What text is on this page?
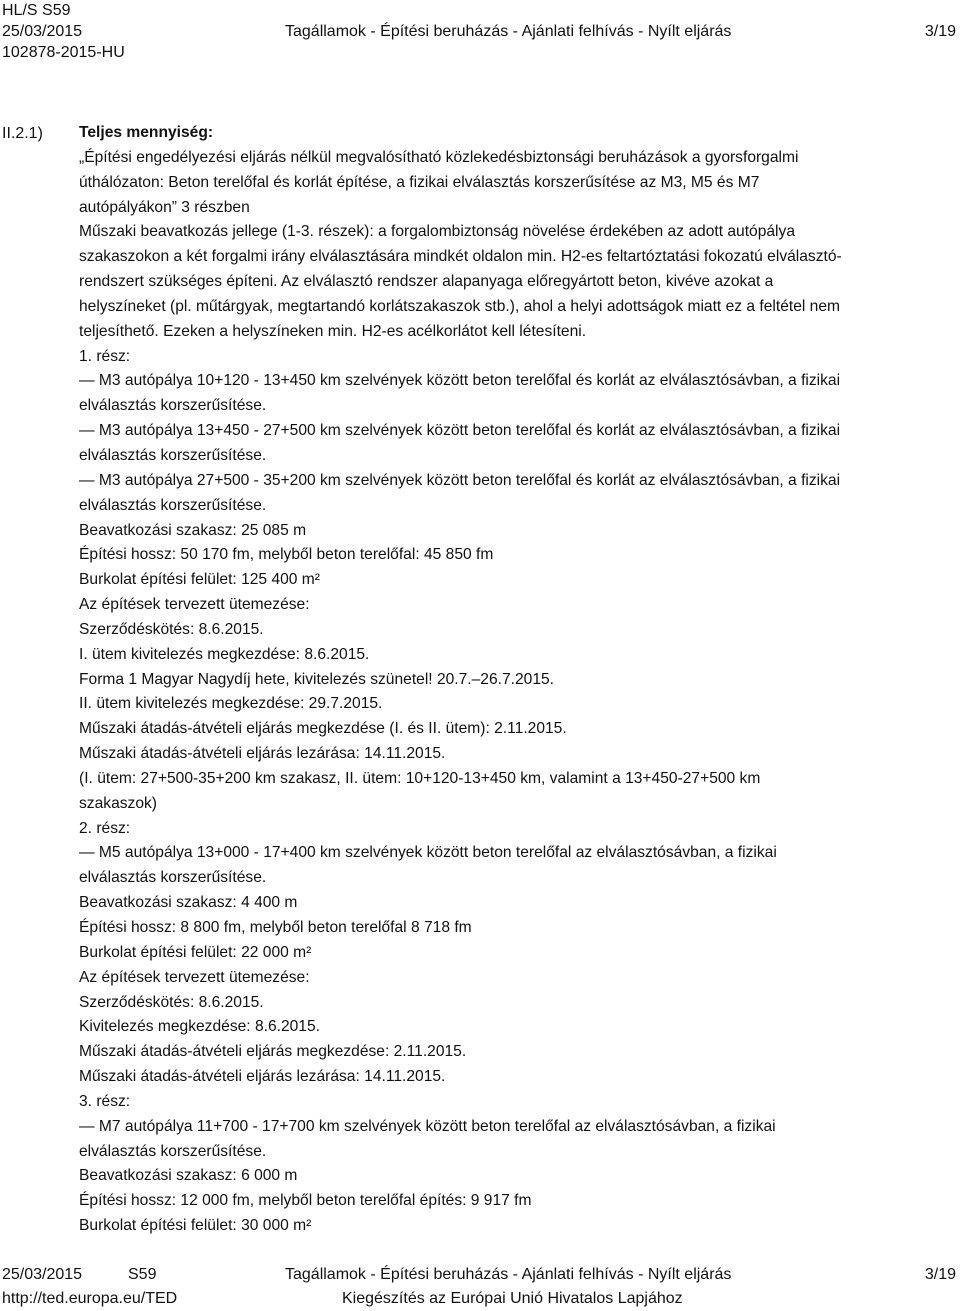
HL/S S59
25/03/2015
102878-2015-HU
Tagállamok - Építési beruházás - Ajánlati felhívás - Nyílt eljárás	3/19
II.2.1) Teljes mennyiség:
„Építési engedélyezési eljárás nélkül megvalósítható közlekedésbiztonsági beruházások a gyorsforgalmi
úthálózaton: Beton terelőfal és korlát építése, a fizikai elválasztás korszerűsítése az M3, M5 és M7
autópályákon” 3 részben
Műszaki beavatkozás jellege (1-3. részek): a forgalombiztonság növelése érdekében az adott autópálya
szakaszokon a két forgalmi irány elválasztására mindkét oldalon min. H2-es feltartóztatási fokozatú elválasztó-
rendszert szükséges építeni. Az elválasztó rendszer alapanyaga előregyártott beton, kivéve azokat a
helyszíneket (pl. műtárgyak, megtartandó korlátszakaszok stb.), ahol a helyi adottságok miatt ez a feltétel nem
teljesíthető. Ezeken a helyszíneken min. H2-es acélkorlátot kell létesíteni.
1. rész:
— M3 autópálya 10+120 - 13+450 km szelvények között beton terelőfal és korlát az elválasztósávban, a fizikai
elválasztás korszerűsítése.
— M3 autópálya 13+450 - 27+500 km szelvények között beton terelőfal és korlát az elválasztósávban, a fizikai
elválasztás korszerűsítése.
— M3 autópálya 27+500 - 35+200 km szelvények között beton terelőfal és korlát az elválasztósávban, a fizikai
elválasztás korszerűsítése.
Beavatkozási szakasz: 25 085 m
Építési hossz: 50 170 fm, melyből beton terelőfal: 45 850 fm
Burkolat építési felület: 125 400 m²
Az építések tervezett ütemezése:
Szerződéskötés: 8.6.2015.
I. ütem kivitelezés megkezdése: 8.6.2015.
Forma 1 Magyar Nagydíj hete, kivitelezés szünetel! 20.7.–26.7.2015.
II. ütem kivitelezés megkezdése: 29.7.2015.
Műszaki átadás-átvételi eljárás megkezdése (I. és II. ütem): 2.11.2015.
Műszaki átadás-átvételi eljárás lezárása: 14.11.2015.
(I. ütem: 27+500-35+200 km szakasz, II. ütem: 10+120-13+450 km, valamint a 13+450-27+500 km
szakaszok)
2. rész:
— M5 autópálya 13+000 - 17+400 km szelvények között beton terelőfal az elválasztósávban, a fizikai
elválasztás korszerűsítése.
Beavatkozási szakasz: 4 400 m
Építési hossz: 8 800 fm, melyből beton terelőfal 8 718 fm
Burkolat építési felület: 22 000 m²
Az építések tervezett ütemezése:
Szerződéskötés: 8.6.2015.
Kivitelezés megkezdése: 8.6.2015.
Műszaki átadás-átvételi eljárás megkezdése: 2.11.2015.
Műszaki átadás-átvételi eljárás lezárása: 14.11.2015.
3. rész:
— M7 autópálya 11+700 - 17+700 km szelvények között beton terelőfal az elválasztósávban, a fizikai
elválasztás korszerűsítése.
Beavatkozási szakasz: 6 000 m
Építési hossz: 12 000 fm, melyből beton terelőfal építés: 9 917 fm
Burkolat építési felület: 30 000 m²
25/03/2015	S59	Tagállamok - Építési beruházás - Ajánlati felhívás - Nyílt eljárás	3/19
http://ted.europa.eu/TED	Kiegészítés az Európai Unió Hivatalos Lapjához
